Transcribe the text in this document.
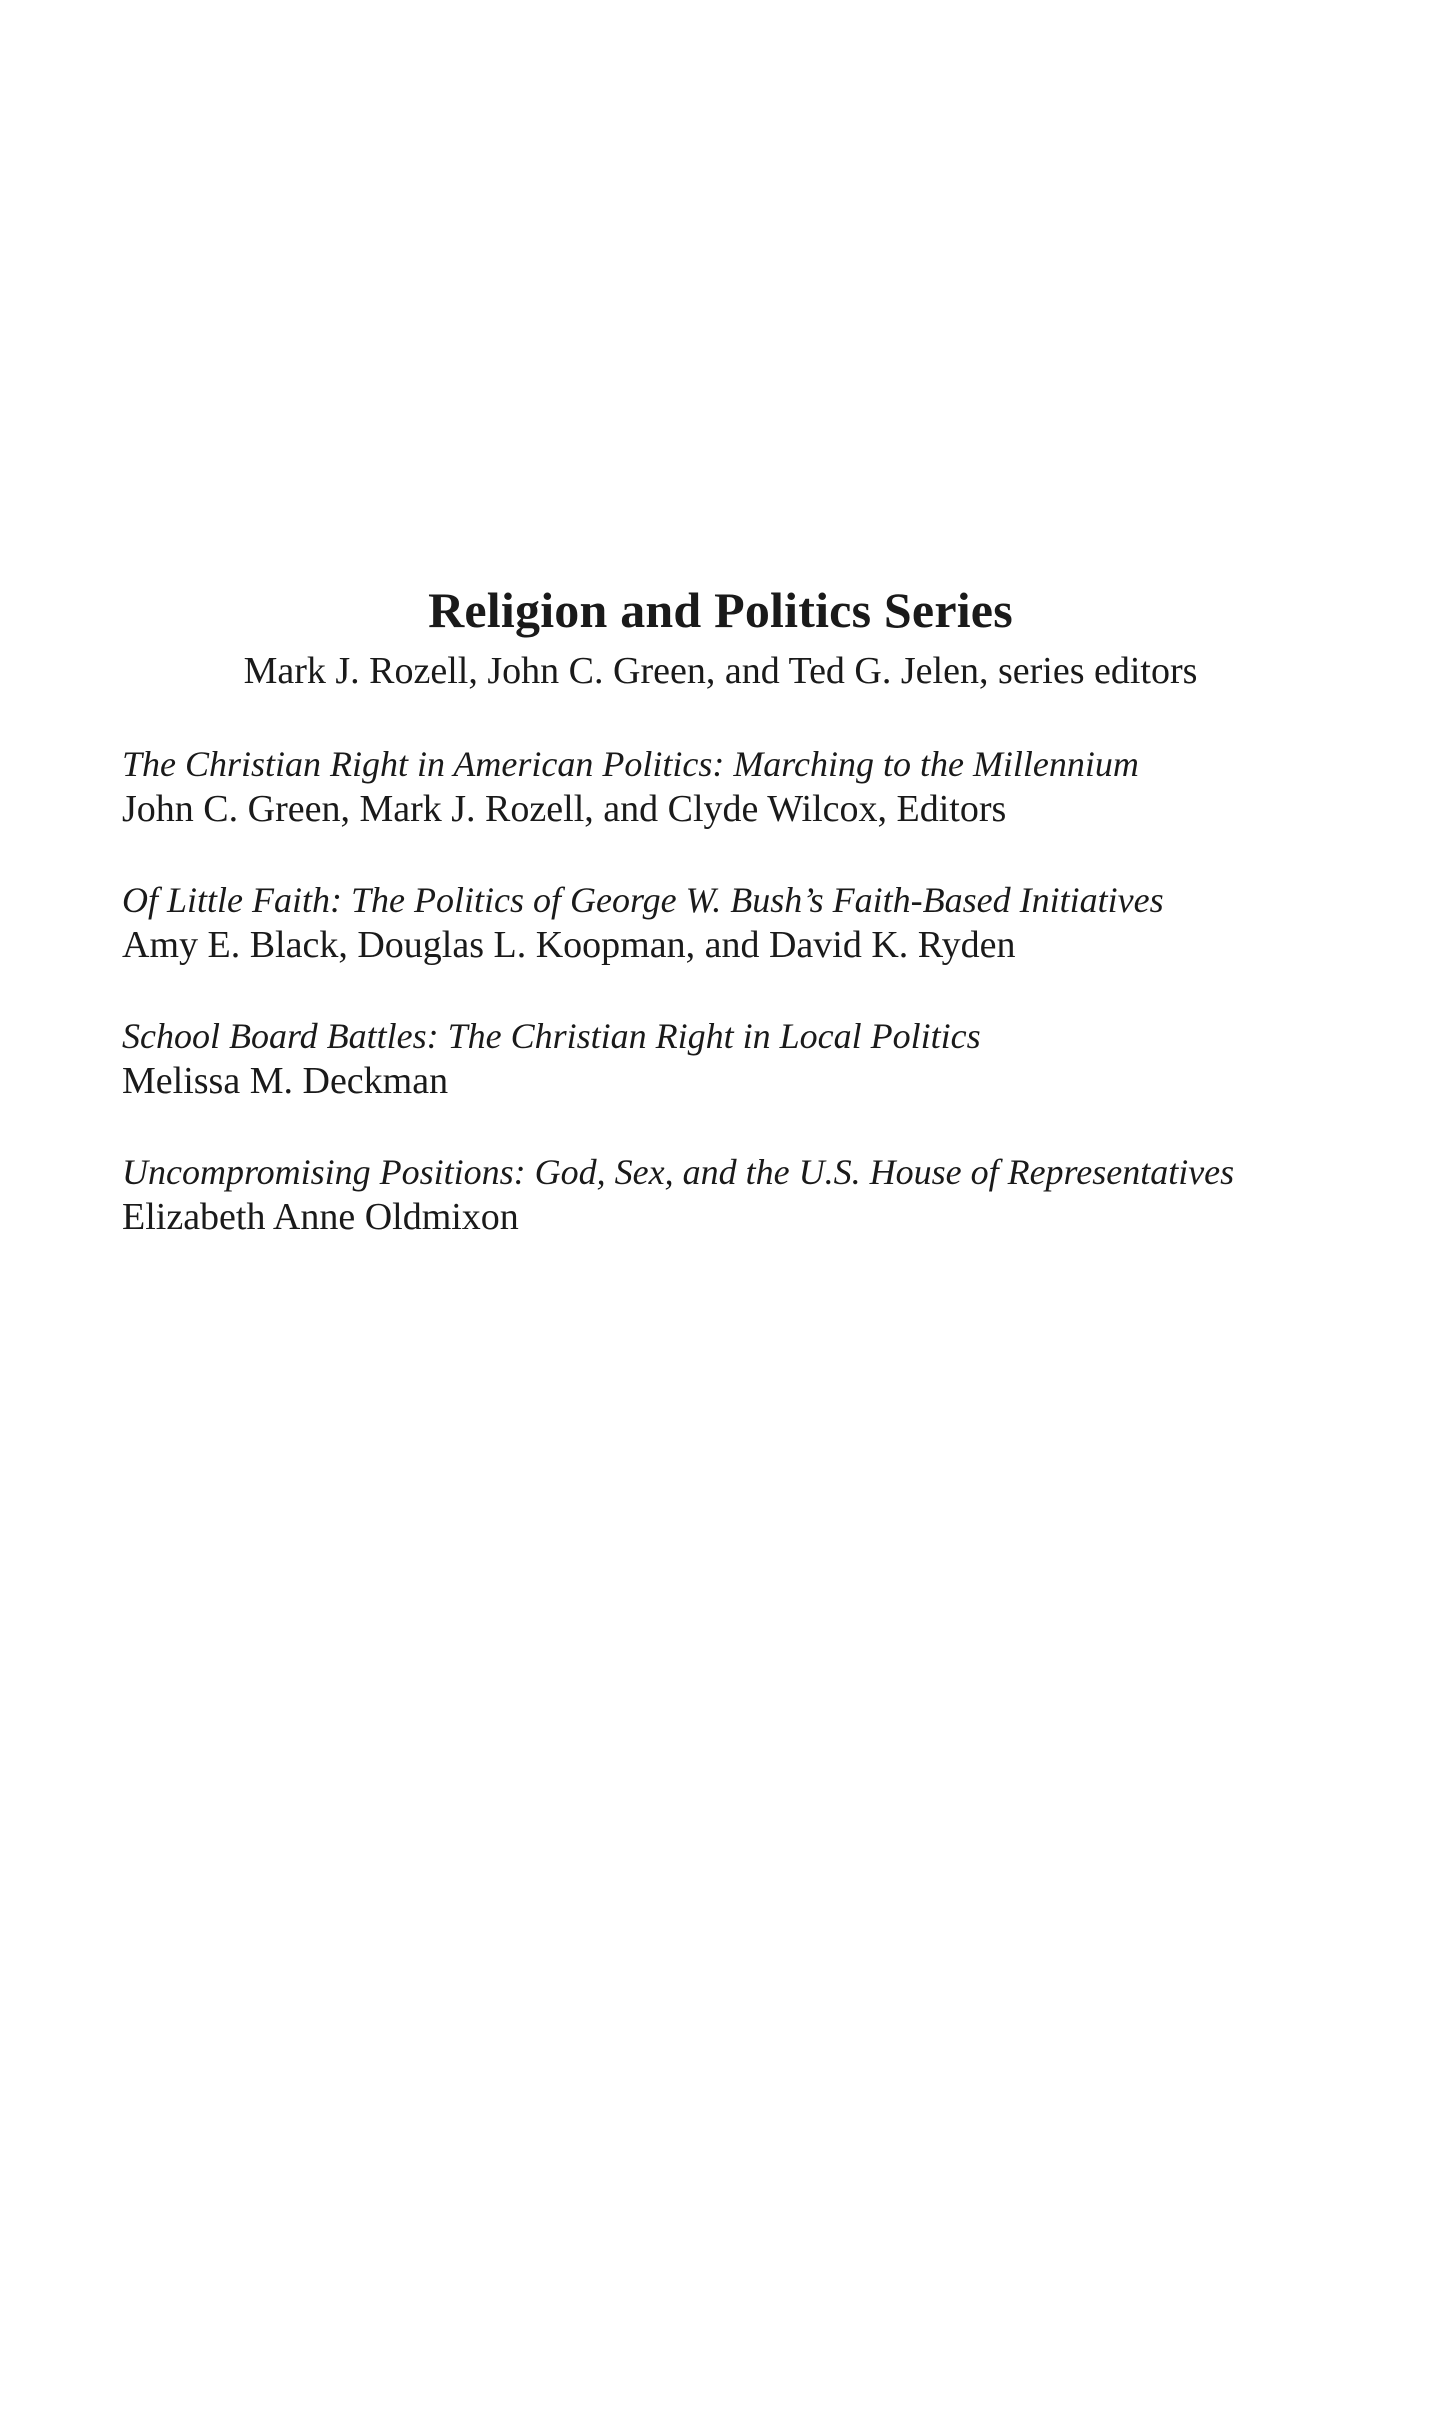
Religion and Politics Series
Mark J. Rozell, John C. Green, and Ted G. Jelen, series editors
The Christian Right in American Politics: Marching to the Millennium
John C. Green, Mark J. Rozell, and Clyde Wilcox, Editors
Of Little Faith: The Politics of George W. Bush’s Faith-Based Initiatives
Amy E. Black, Douglas L. Koopman, and David K. Ryden
School Board Battles: The Christian Right in Local Politics
Melissa M. Deckman
Uncompromising Positions: God, Sex, and the U.S. House of Representatives
Elizabeth Anne Oldmixon
